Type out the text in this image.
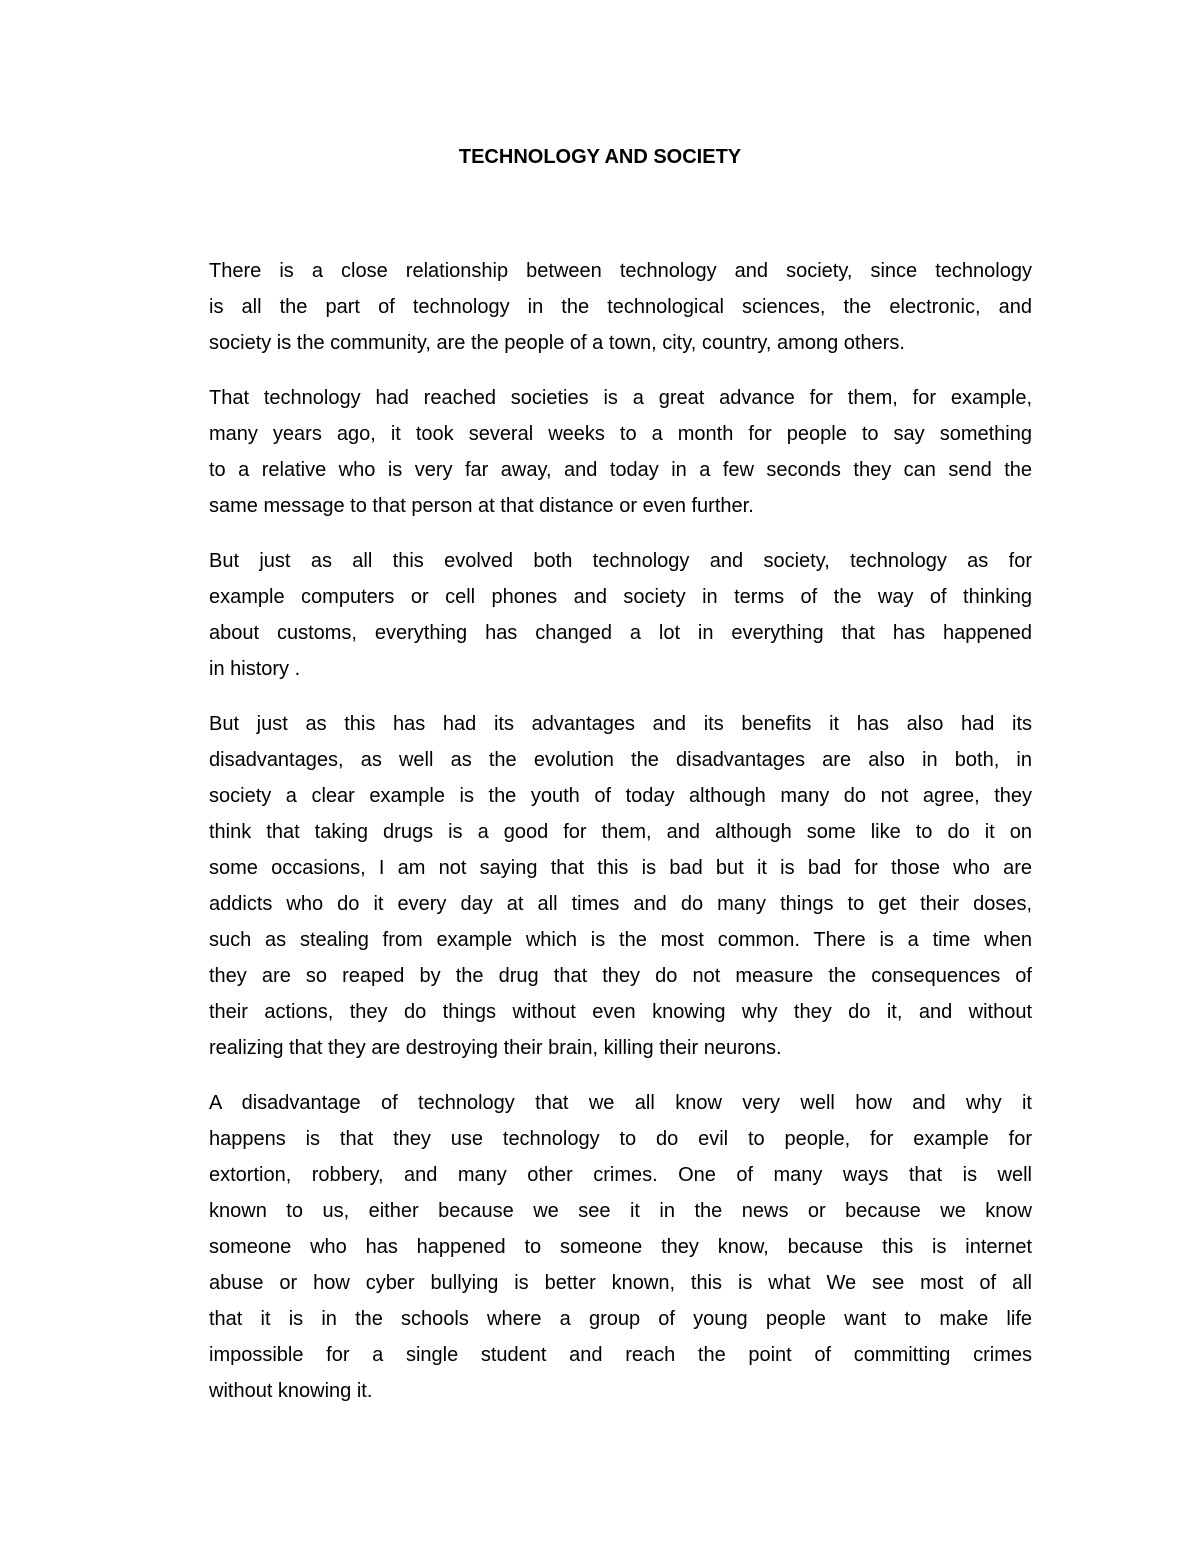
TECHNOLOGY AND SOCIETY

There is a close relationship between technology and society, since technology
is all the part of technology in the technological sciences, the electronic, and
society is the community, are the people of a town, city, country, among others.

That technology had reached societies is a great advance for them, for example,
many years ago, it took several weeks to a month for people to say something
to a relative who is very far away, and today in a few seconds they can send the
same message to that person at that distance or even further.

But just as all this evolved both technology and society, technology as for
example computers or cell phones and society in terms of the way of thinking
about customs, everything has changed a lot in everything that has happened
in history .

But just as this has had its advantages and its benefits it has also had its
disadvantages, as well as the evolution the disadvantages are also in both, in
society a clear example is the youth of today although many do not agree, they
think that taking drugs is a good for them, and although some like to do it on
some occasions, I am not saying that this is bad but it is bad for those who are
addicts who do it every day at all times and do many things to get their doses,
such as stealing from example which is the most common. There is a time when
they are so reaped by the drug that they do not measure the consequences of
their actions, they do things without even knowing why they do it, and without
realizing that they are destroying their brain, killing their neurons.

A disadvantage of technology that we all know very well how and why it
happens is that they use technology to do evil to people, for example for
extortion, robbery, and many other crimes. One of many ways that is well
known to us, either because we see it in the news or because we know
someone who has happened to someone they know, because this is internet
abuse or how cyber bullying is better known, this is what We see most of all
that it is in the schools where a group of young people want to make life
impossible for a single student and reach the point of committing crimes
without knowing it.
